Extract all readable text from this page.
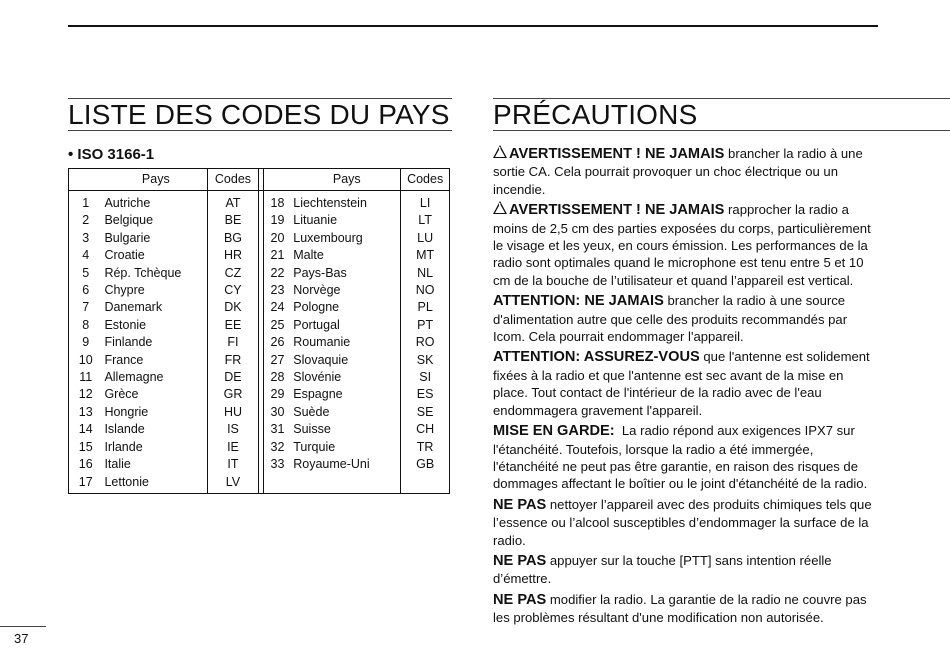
LISTE DES CODES DU PAYS
• ISO 3166-1
	Pays	Codes			Pays	Codes
1	Autriche	AT		18	Liechtenstein	LI
2	Belgique	BE		19	Lituanie	LT
3	Bulgarie	BG		20	Luxembourg	LU
4	Croatie	HR		21	Malte	MT
5	Rép. Tchèque	CZ		22	Pays-Bas	NL
6	Chypre	CY		23	Norvège	NO
7	Danemark	DK		24	Pologne	PL
8	Estonie	EE		25	Portugal	PT
9	Finlande	FI		26	Roumanie	RO
10	France	FR		27	Slovaquie	SK
11	Allemagne	DE		28	Slovénie	SI
12	Grèce	GR		29	Espagne	ES
13	Hongrie	HU		30	Suède	SE
14	Islande	IS		31	Suisse	CH
15	Irlande	IE		32	Turquie	TR
16	Italie	IT		33	Royaume-Uni	GB
17	Lettonie	LV				
PRÉCAUTIONS

!AVERTISSEMENT ! NE JAMAIS brancher la radio à une sortie CA. Cela pourrait provoquer un choc électrique ou un incendie.

!AVERTISSEMENT ! NE JAMAIS rapprocher la radio a moins de 2,5 cm des parties exposées du corps, particulièrement le visage et les yeux, en cours émission. Les performances de la radio sont optimales quand le microphone est tenu entre 5 et 10 cm de la bouche de l’utilisateur et quand l’appareil est vertical.

ATTENTION: NE JAMAIS brancher la radio à une source d'alimentation autre que celle des produits recommandés par Icom. Cela pourrait endommager l'appareil.

ATTENTION: ASSUREZ-VOUS que l'antenne est solidement fixées à la radio et que l'antenne est sec avant de la mise en place. Tout contact de l'intérieur de la radio avec de l'eau endommagera gravement l'appareil.

MISE EN GARDE:  La radio répond aux exigences IPX7 sur l'étanchéité. Toutefois, lorsque la radio a été immergée, l'étanchéité ne peut pas être garantie, en raison des risques de dommages affectant le boîtier ou le joint d'étanchéité de la radio.

NE PAS nettoyer l’appareil avec des produits chimiques tels que l’essence ou l’alcool susceptibles d’endommager la surface de la radio.

NE PAS appuyer sur la touche [PTT] sans intention réelle d’émettre.

NE PAS modifier la radio. La garantie de la radio ne couvre pas les problèmes résultant d'une modification non autorisée.

37
